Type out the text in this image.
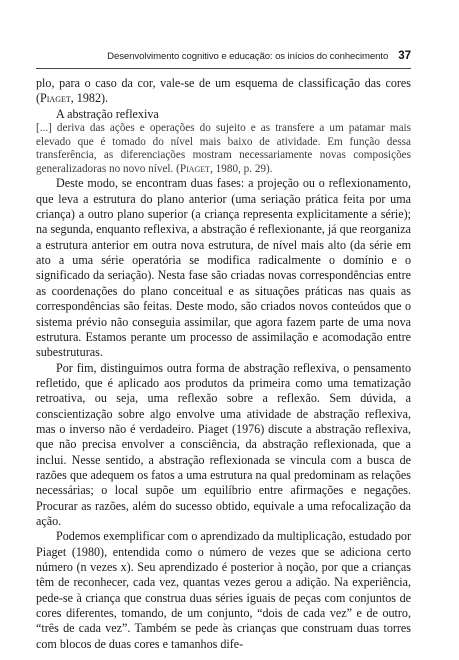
Desenvolvimento cognitivo e educação: os inícios do conhecimento 37

plo, para o caso da cor, vale-se de um esquema de classificação das cores (Piaget, 1982).

A abstração reflexiva

[...] deriva das ações e operações do sujeito e as transfere a um patamar mais elevado que é tomado do nível mais baixo de atividade. Em função dessa transferência, as diferenciações mostram necessariamente novas composições generalizadoras no novo nível. (Piaget, 1980, p. 29).

Deste modo, se encontram duas fases: a projeção ou o reflexionamento, que leva a estrutura do plano anterior (uma seriação prática feita por uma criança) a outro plano superior (a criança representa explicitamente a série); na segunda, enquanto reflexiva, a abstração é reflexionante, já que reorganiza a estrutura anterior em outra nova estrutura, de nível mais alto (da série em ato a uma série operatória se modifica radicalmente o domínio e o significado da seriação). Nesta fase são criadas novas correspondências entre as coordenações do plano conceitual e as situações práticas nas quais as correspondências são feitas. Deste modo, são criados novos conteúdos que o sistema prévio não conseguia assimilar, que agora fazem parte de uma nova estrutura. Estamos perante um processo de assimilação e acomodação entre subestruturas.

Por fim, distinguimos outra forma de abstração reflexiva, o pensamento refletido, que é aplicado aos produtos da primeira como uma tematização retroativa, ou seja, uma reflexão sobre a reflexão. Sem dúvida, a conscientização sobre algo envolve uma atividade de abstração reflexiva, mas o inverso não é verdadeiro. Piaget (1976) discute a abstração reflexiva, que não precisa envolver a consciência, da abstração reflexionada, que a inclui. Nesse sentido, a abstração reflexionada se vincula com a busca de razões que adequem os fatos a uma estrutura na qual predominam as relações necessárias; o local supõe um equilíbrio entre afirmações e negações. Procurar as razões, além do sucesso obtido, equivale a uma refocalização da ação.

Podemos exemplificar com o aprendizado da multiplicação, estudado por Piaget (1980), entendida como o número de vezes que se adiciona certo número (n vezes x). Seu aprendizado é posterior à noção, por que a crianças têm de reconhecer, cada vez, quantas vezes gerou a adição. Na experiência, pede-se à criança que construa duas séries iguais de peças com conjuntos de cores diferentes, tomando, de um conjunto, “dois de cada vez” e de outro, “três de cada vez”. Também se pede às crianças que construam duas torres com blocos de duas cores e tamanhos dife-
